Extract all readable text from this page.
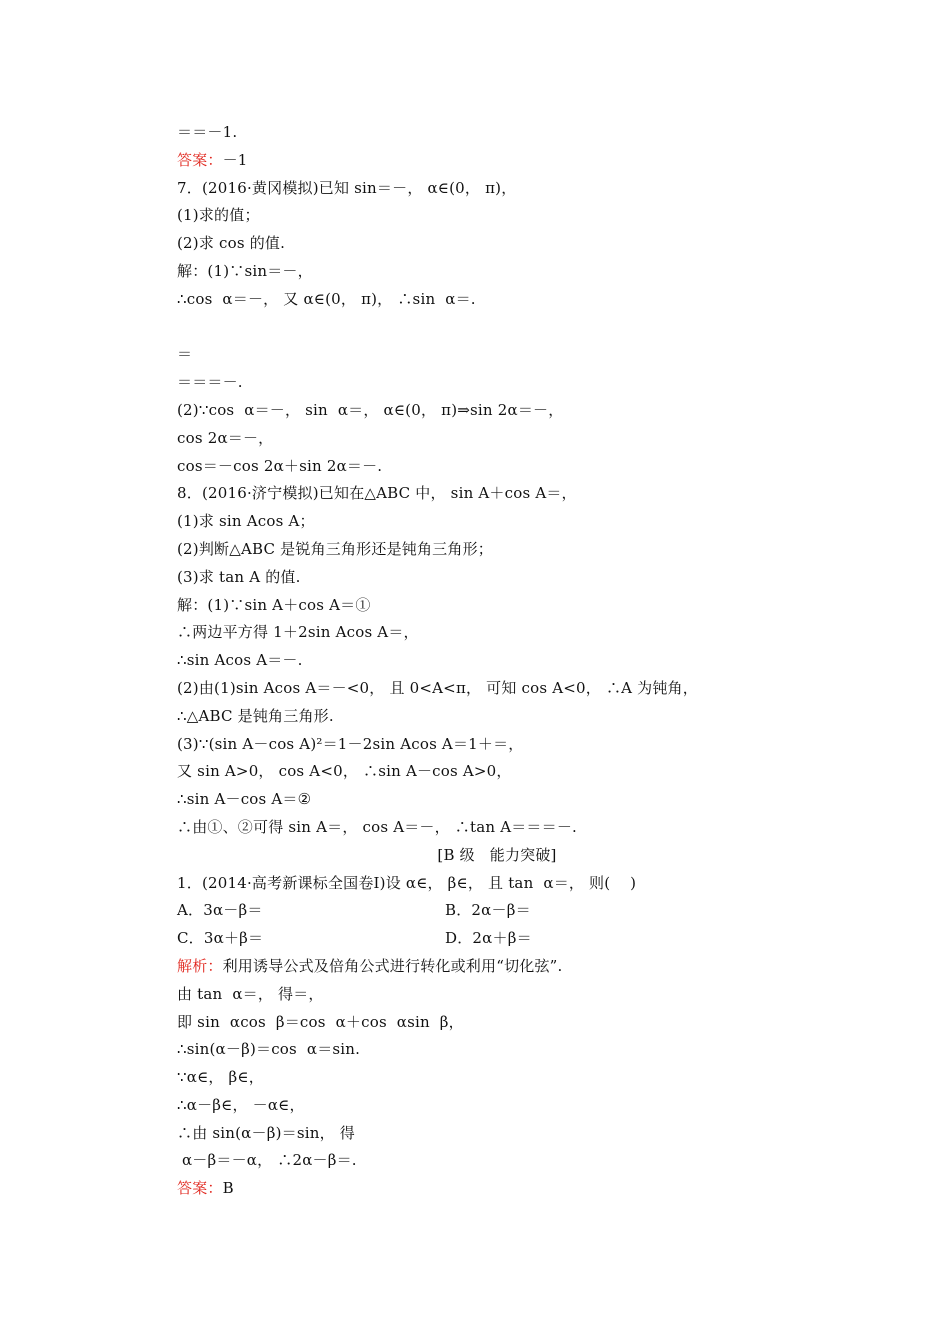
＝＝－1.
答案：－1
7．(2016·黄冈模拟)已知 sin＝－， α∈(0， π)，
(1)求的值；
(2)求 cos 的值.
解：(1)∵sin＝－，
∴cos  α＝－， 又 α∈(0， π)， ∴sin  α＝.
＝
＝＝＝－.
(2)∵cos  α＝－， sin  α＝， α∈(0， π)⇒sin 2α＝－，
cos 2α＝－，
cos＝－cos 2α＋sin 2α＝－.
8．(2016·济宁模拟)已知在△ABC 中， sin A＋cos A＝，
(1)求 sin Acos A；
(2)判断△ABC 是锐角三角形还是钝角三角形；
(3)求 tan A 的值.
解：(1)∵sin A＋cos A＝①
∴两边平方得 1＋2sin Acos A＝，
∴sin Acos A＝－.
(2)由(1)sin Acos A＝－<0， 且 0<A<π， 可知 cos A<0， ∴A 为钝角，
∴△ABC 是钝角三角形.
(3)∵(sin A－cos A)²＝1－2sin Acos A＝1＋＝，
又 sin A>0， cos A<0， ∴sin A－cos A>0，
∴sin A－cos A＝②
∴由①、②可得 sin A＝， cos A＝－， ∴tan A＝＝＝－.
[B 级   能力突破]
1．(2014·高考新课标全国卷Ⅰ)设 α∈， β∈， 且 tan  α＝， 则(    )
A．3α－β＝	B．2α－β＝
C．3α＋β＝	D．2α＋β＝
解析：利用诱导公式及倍角公式进行转化或利用“切化弦”.
由 tan  α＝， 得＝，
即 sin  αcos  β＝cos  α＋cos  αsin  β，
∴sin(α－β)＝cos  α＝sin.
∵α∈， β∈，
∴α－β∈， －α∈，
∴由 sin(α－β)＝sin， 得
α－β＝－α， ∴2α－β＝.
答案：B
